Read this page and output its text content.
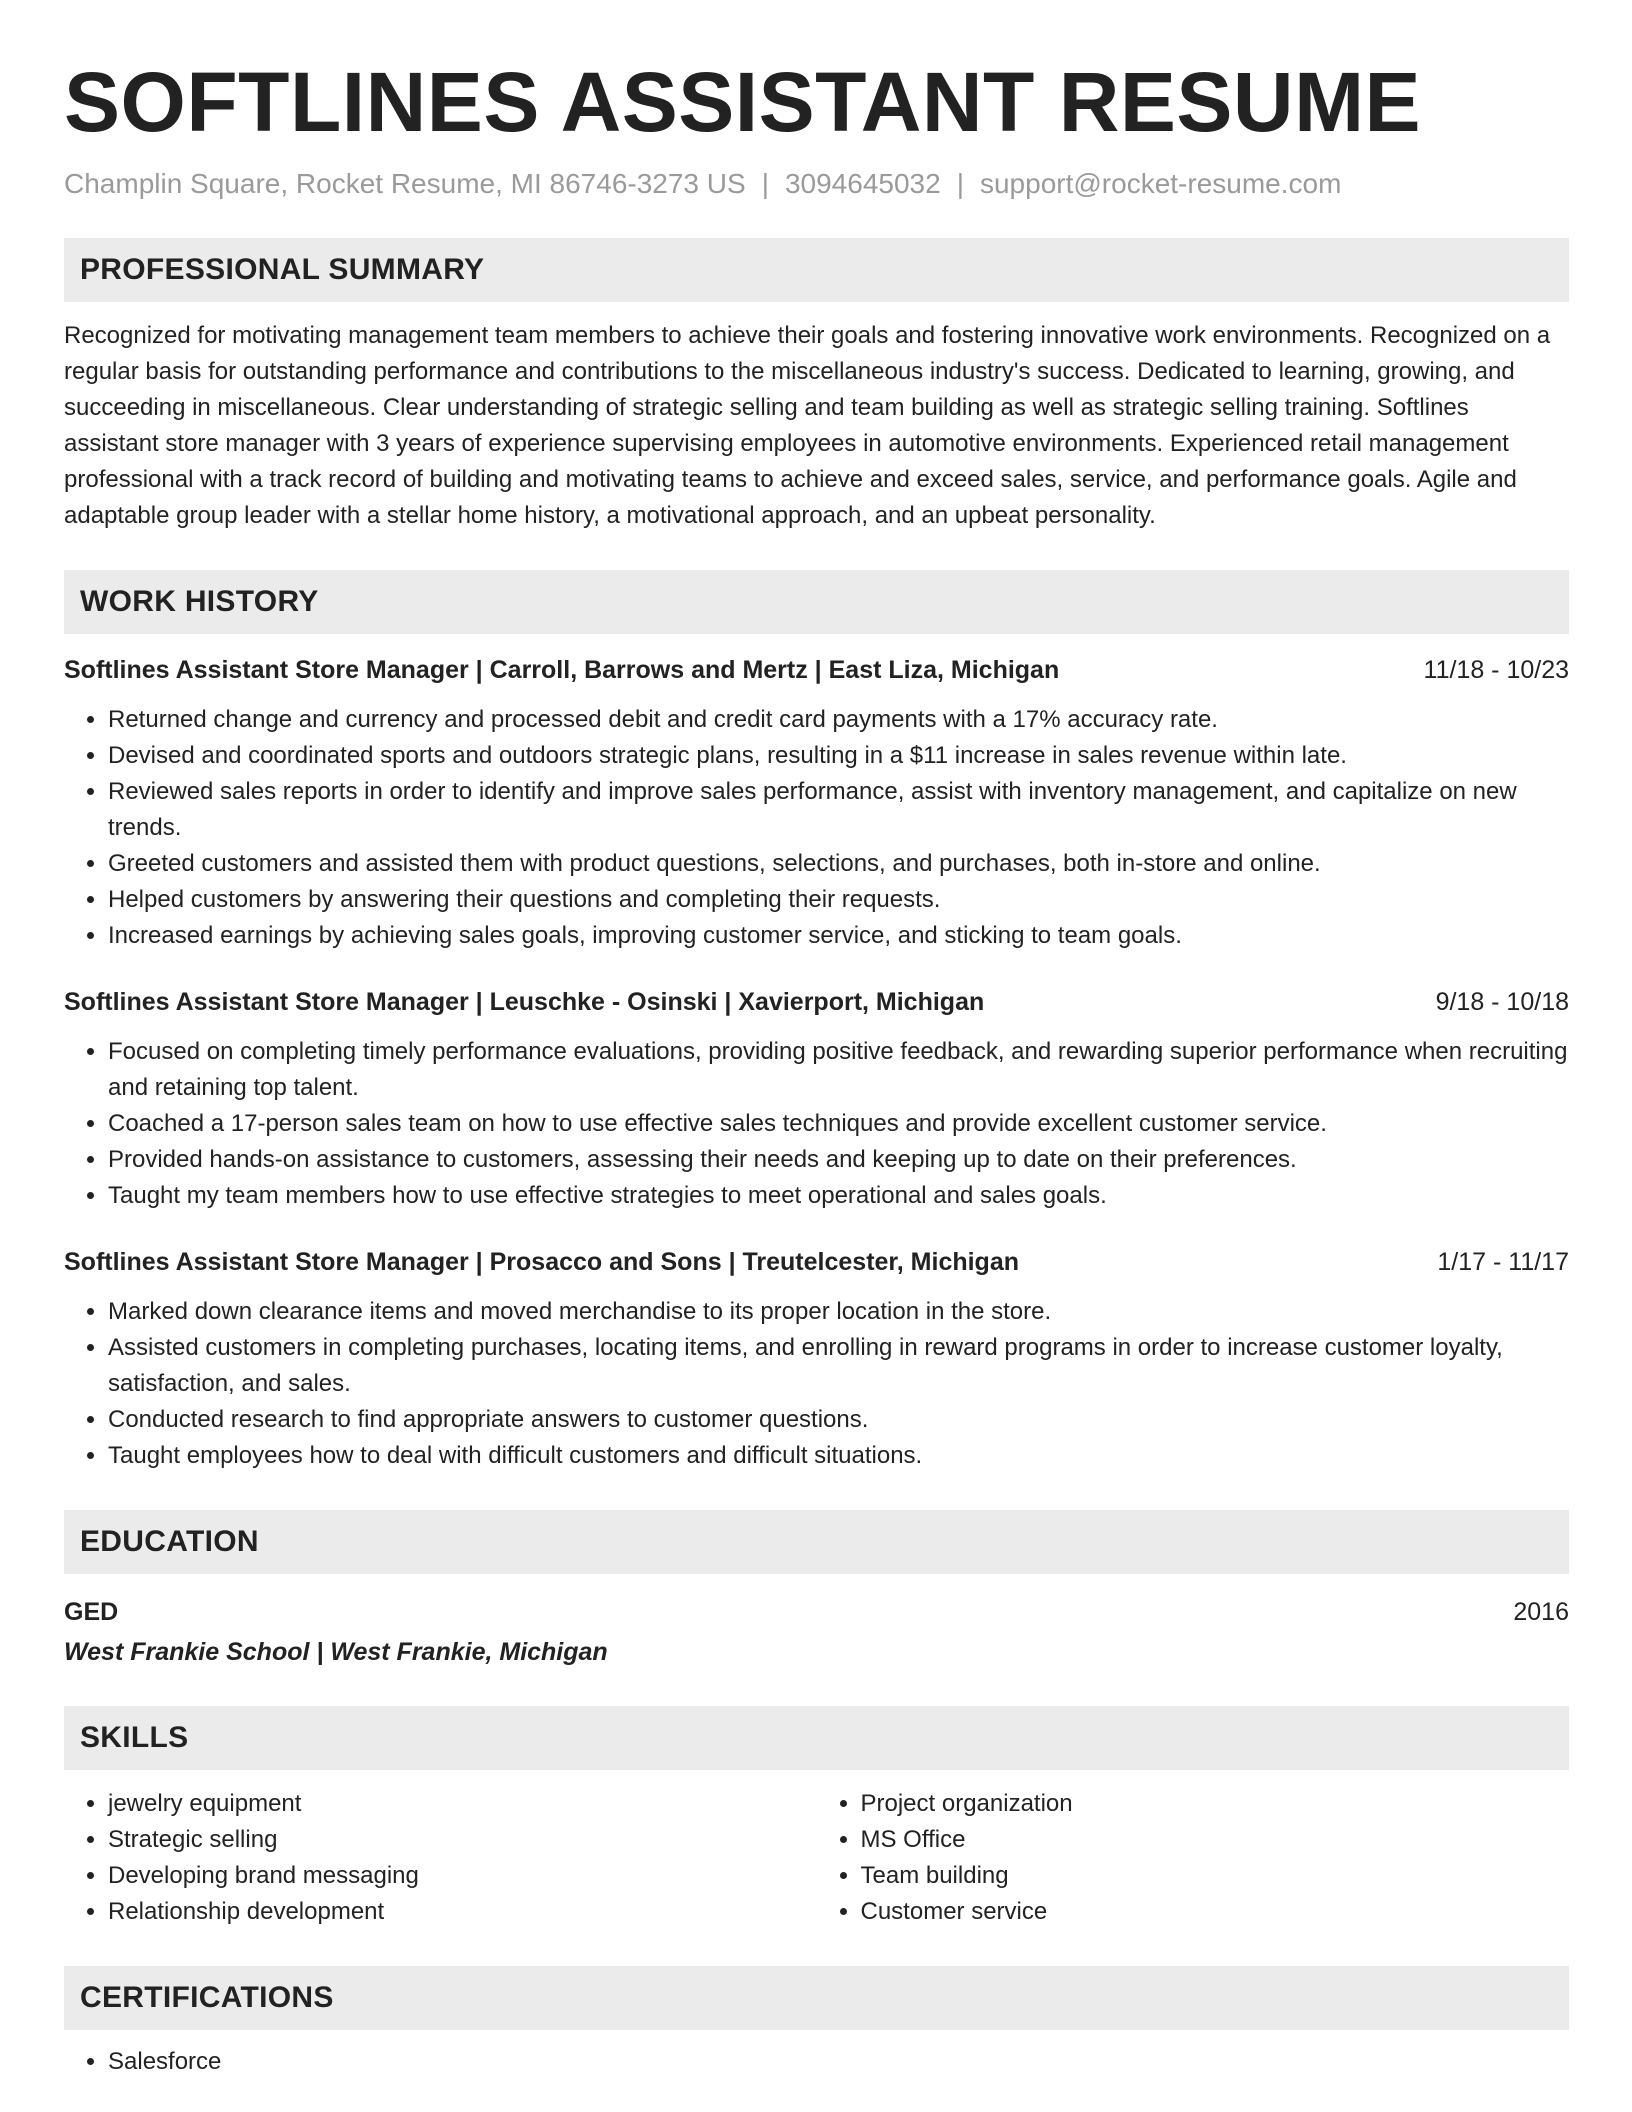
SOFTLINES ASSISTANT RESUME
Champlin Square, Rocket Resume, MI 86746-3273 US | 3094645032 | support@rocket-resume.com
PROFESSIONAL SUMMARY
Recognized for motivating management team members to achieve their goals and fostering innovative work environments. Recognized on a regular basis for outstanding performance and contributions to the miscellaneous industry's success. Dedicated to learning, growing, and succeeding in miscellaneous. Clear understanding of strategic selling and team building as well as strategic selling training. Softlines assistant store manager with 3 years of experience supervising employees in automotive environments. Experienced retail management professional with a track record of building and motivating teams to achieve and exceed sales, service, and performance goals. Agile and adaptable group leader with a stellar home history, a motivational approach, and an upbeat personality.
WORK HISTORY
Softlines Assistant Store Manager | Carroll, Barrows and Mertz | East Liza, Michigan	11/18 - 10/23
• Returned change and currency and processed debit and credit card payments with a 17% accuracy rate.
• Devised and coordinated sports and outdoors strategic plans, resulting in a $11 increase in sales revenue within late.
• Reviewed sales reports in order to identify and improve sales performance, assist with inventory management, and capitalize on new trends.
• Greeted customers and assisted them with product questions, selections, and purchases, both in-store and online.
• Helped customers by answering their questions and completing their requests.
• Increased earnings by achieving sales goals, improving customer service, and sticking to team goals.
Softlines Assistant Store Manager | Leuschke - Osinski | Xavierport, Michigan	9/18 - 10/18
• Focused on completing timely performance evaluations, providing positive feedback, and rewarding superior performance when recruiting and retaining top talent.
• Coached a 17-person sales team on how to use effective sales techniques and provide excellent customer service.
• Provided hands-on assistance to customers, assessing their needs and keeping up to date on their preferences.
• Taught my team members how to use effective strategies to meet operational and sales goals.
Softlines Assistant Store Manager | Prosacco and Sons | Treutelcester, Michigan	1/17 - 11/17
• Marked down clearance items and moved merchandise to its proper location in the store.
• Assisted customers in completing purchases, locating items, and enrolling in reward programs in order to increase customer loyalty, satisfaction, and sales.
• Conducted research to find appropriate answers to customer questions.
• Taught employees how to deal with difficult customers and difficult situations.
EDUCATION
GED	2016
West Frankie School | West Frankie, Michigan
SKILLS
• jewelry equipment
• Strategic selling
• Developing brand messaging
• Relationship development
• Project organization
• MS Office
• Team building
• Customer service
CERTIFICATIONS
• Salesforce
